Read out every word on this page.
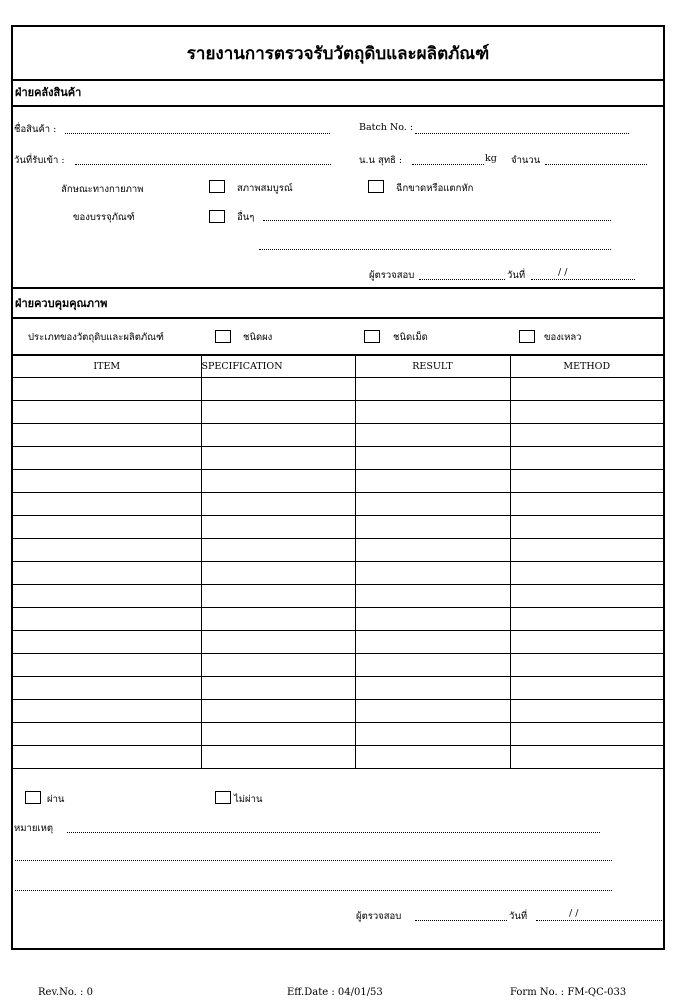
รายงานการตรวจรับวัตถุดิบและผลิตภัณฑ์
ฝ่ายคลังสินค้า
ชื่อสินค้า :	Batch No. :
วันที่รับเข้า :	น.น สุทธิ :	kg จำนวน
ลักษณะทางกายภาพ	สภาพสมบูรณ์	ฉีกขาดหรือแตกหัก
ของบรรจุภัณฑ์	อื่นๆ
ผู้ตรวจสอบ	วันที่	/ /
ฝ่ายควบคุมคุณภาพ
ประเภทของวัตถุดิบและผลิตภัณฑ์	ชนิดผง	ชนิดเม็ด	ของเหลว
ITEM	SPECIFICATION	RESULT	METHOD

ผ่าน	ไม่ผ่าน
หมายเหตุ
ผู้ตรวจสอบ	วันที่	/ /
Rev.No. : 0	Eff.Date : 04/01/53	Form No. : FM-QC-033
